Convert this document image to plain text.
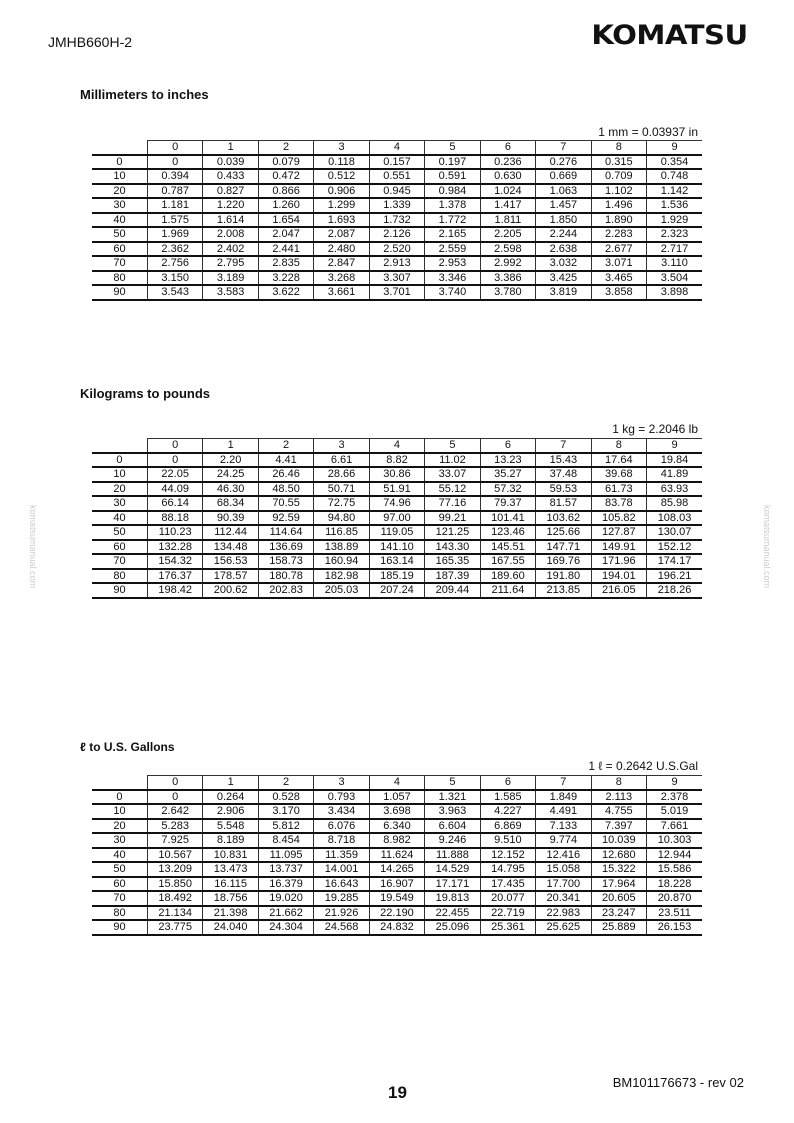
JMHB660H-2	KOMATSU
komatsumanual.com	komatsumanual.com
Millimeters to inches
1 mm = 0.03937 in
	0	1	2	3	4	5	6	7	8	9
0	0	0.039	0.079	0.118	0.157	0.197	0.236	0.276	0.315	0.354
10	0.394	0.433	0.472	0.512	0.551	0.591	0.630	0.669	0.709	0.748
20	0.787	0.827	0.866	0.906	0.945	0.984	1.024	1.063	1.102	1.142
30	1.181	1.220	1.260	1.299	1.339	1.378	1.417	1.457	1.496	1.536
40	1.575	1.614	1.654	1.693	1.732	1.772	1.811	1.850	1.890	1.929
50	1.969	2.008	2.047	2.087	2.126	2.165	2.205	2.244	2.283	2.323
60	2.362	2.402	2.441	2.480	2.520	2.559	2.598	2.638	2.677	2.717
70	2.756	2.795	2.835	2.847	2.913	2.953	2.992	3.032	3.071	3.110
80	3.150	3.189	3.228	3.268	3.307	3.346	3.386	3.425	3.465	3.504
90	3.543	3.583	3.622	3.661	3.701	3.740	3.780	3.819	3.858	3.898
Kilograms to pounds
1 kg = 2.2046 lb
	0	1	2	3	4	5	6	7	8	9
0	0	2.20	4.41	6.61	8.82	11.02	13.23	15.43	17.64	19.84
10	22.05	24.25	26.46	28.66	30.86	33.07	35.27	37.48	39.68	41.89
20	44.09	46.30	48.50	50.71	51.91	55.12	57.32	59.53	61.73	63.93
30	66.14	68.34	70.55	72.75	74.96	77.16	79.37	81.57	83.78	85.98
40	88.18	90.39	92.59	94.80	97.00	99.21	101.41	103.62	105.82	108.03
50	110.23	112.44	114.64	116.85	119.05	121.25	123.46	125.66	127.87	130.07
60	132.28	134.48	136.69	138.89	141.10	143.30	145.51	147.71	149.91	152.12
70	154.32	156.53	158.73	160.94	163.14	165.35	167.55	169.76	171.96	174.17
80	176.37	178.57	180.78	182.98	185.19	187.39	189.60	191.80	194.01	196.21
90	198.42	200.62	202.83	205.03	207.24	209.44	211.64	213.85	216.05	218.26
ℓ to U.S. Gallons
1 ℓ = 0.2642 U.S.Gal
	0	1	2	3	4	5	6	7	8	9
0	0	0.264	0.528	0.793	1.057	1.321	1.585	1.849	2.113	2.378
10	2.642	2.906	3.170	3.434	3.698	3.963	4.227	4.491	4.755	5.019
20	5.283	5.548	5.812	6.076	6.340	6.604	6.869	7.133	7.397	7.661
30	7.925	8.189	8.454	8.718	8.982	9.246	9.510	9.774	10.039	10.303
40	10.567	10.831	11.095	11.359	11.624	11.888	12.152	12.416	12.680	12.944
50	13.209	13.473	13.737	14.001	14.265	14.529	14.795	15.058	15.322	15.586
60	15.850	16.115	16.379	16.643	16.907	17.171	17.435	17.700	17.964	18.228
70	18.492	18.756	19.020	19.285	19.549	19.813	20.077	20.341	20.605	20.870
80	21.134	21.398	21.662	21.926	22.190	22.455	22.719	22.983	23.247	23.511
90	23.775	24.040	24.304	24.568	24.832	25.096	25.361	25.625	25.889	26.153
19
BM101176673 - rev 02
